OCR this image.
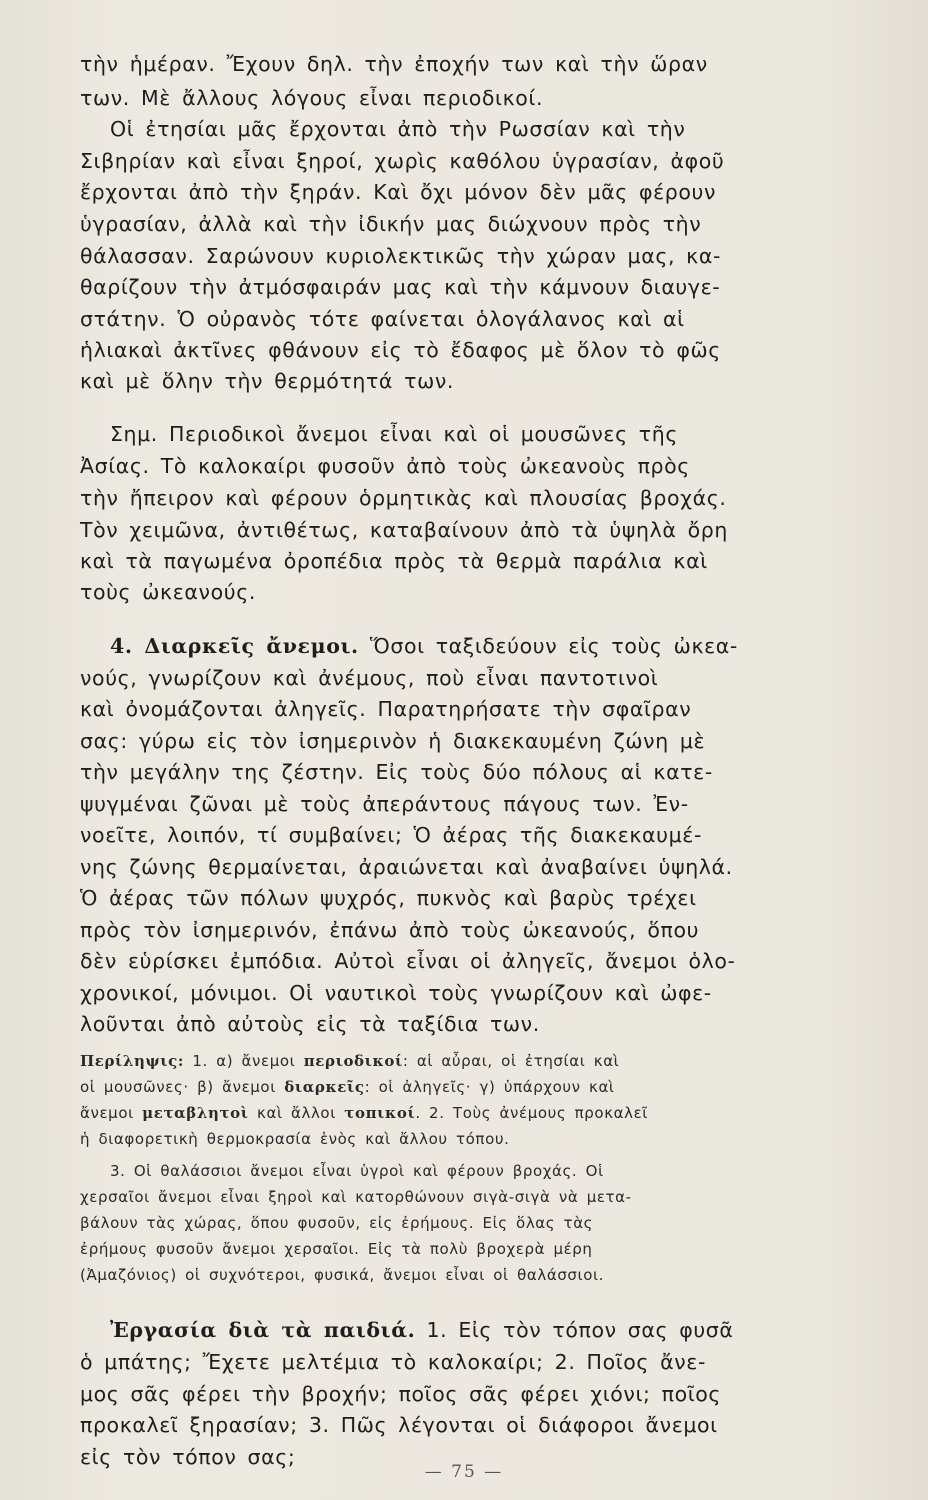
τὴν ἡμέραν. Ἔχουν δηλ. τὴν ἐποχήν των καὶ τὴν ὥραν
των. Μὲ ἄλλους λόγους εἶναι περιοδικοί.
Οἱ ἐτησίαι μᾶς ἔρχονται ἀπὸ τὴν Ρωσσίαν καὶ τὴν
Σιβηρίαν καὶ εἶναι ξηροί, χωρὶς καθόλου ὑγρασίαν, ἀφοῦ
ἔρχονται ἀπὸ τὴν ξηράν. Καὶ ὄχι μόνον δὲν μᾶς φέρουν
ὑγρασίαν, ἀλλὰ καὶ τὴν ἰδικήν μας διώχνουν πρὸς τὴν
θάλασσαν. Σαρώνουν κυριολεκτικῶς τὴν χώραν μας, κα-
θαρίζουν τὴν ἀτμόσφαιράν μας καὶ τὴν κάμνουν διαυγε-
στάτην. Ὁ οὐρανὸς τότε φαίνεται ὁλογάλανος καὶ αἱ
ἡλιακαὶ ἀκτῖνες φθάνουν εἰς τὸ ἔδαφος μὲ ὅλον τὸ φῶς
καὶ μὲ ὅλην τὴν θερμότητά των.
Σημ. Περιοδικοὶ ἄνεμοι εἶναι καὶ οἱ μουσῶνες τῆς
Ἀσίας. Τὸ καλοκαίρι φυσοῦν ἀπὸ τοὺς ὠκεανοὺς πρὸς
τὴν ἤπειρον καὶ φέρουν ὁρμητικὰς καὶ πλουσίας βροχάς.
Τὸν χειμῶνα, ἀντιθέτως, καταβαίνουν ἀπὸ τὰ ὑψηλὰ ὄρη
καὶ τὰ παγωμένα ὀροπέδια πρὸς τὰ θερμὰ παράλια καὶ
τοὺς ὠκεανούς.
4. Διαρκεῖς ἄνεμοι. Ὅσοι ταξιδεύουν εἰς τοὺς ὠκεα-
νούς, γνωρίζουν καὶ ἀνέμους, ποὺ εἶναι παντοτινοὶ
καὶ ὀνομάζονται ἀληγεῖς. Παρατηρήσατε τὴν σφαῖραν
σας: γύρω εἰς τὸν ἰσημερινὸν ἡ διακεκαυμένη ζώνη μὲ
τὴν μεγάλην της ζέστην. Εἰς τοὺς δύο πόλους αἱ κατε-
ψυγμέναι ζῶναι μὲ τοὺς ἀπεράντους πάγους των. Ἐν-
νοεῖτε, λοιπόν, τί συμβαίνει; Ὁ ἀέρας τῆς διακεκαυμέ-
νης ζώνης θερμαίνεται, ἀραιώνεται καὶ ἀναβαίνει ὑψηλά.
Ὁ ἀέρας τῶν πόλων ψυχρός, πυκνὸς καὶ βαρὺς τρέχει
πρὸς τὸν ἰσημερινόν, ἐπάνω ἀπὸ τοὺς ὠκεανούς, ὅπου
δὲν εὑρίσκει ἐμπόδια. Αὐτοὶ εἶναι οἱ ἀληγεῖς, ἄνεμοι ὁλο-
χρονικοί, μόνιμοι. Οἱ ναυτικοὶ τοὺς γνωρίζουν καὶ ὠφε-
λοῦνται ἀπὸ αὐτοὺς εἰς τὰ ταξίδια των.
Περίληψις: 1. α) ἄνεμοι περιοδικοί: αἱ αὖραι, οἱ ἐτησίαι καὶ
οἱ μουσῶνες· β) ἄνεμοι διαρκεῖς: οἱ ἀληγεῖς· γ) ὑπάρχουν καὶ
ἄνεμοι μεταβλητοὶ καὶ ἄλλοι τοπικοί. 2. Τοὺς ἀνέμους προκαλεῖ
ἡ διαφορετικὴ θερμοκρασία ἑνὸς καὶ ἄλλου τόπου.
3. Οἱ θαλάσσιοι ἄνεμοι εἶναι ὑγροὶ καὶ φέρουν βροχάς. Οἱ
χερσαῖοι ἄνεμοι εἶναι ξηροὶ καὶ κατορθώνουν σιγὰ-σιγὰ νὰ μετα-
βάλουν τὰς χώρας, ὅπου φυσοῦν, εἰς ἐρήμους. Εἰς ὅλας τὰς
ἐρήμους φυσοῦν ἄνεμοι χερσαῖοι. Εἰς τὰ πολὺ βροχερὰ μέρη
(Ἀμαζόνιος) οἱ συχνότεροι, φυσικά, ἄνεμοι εἶναι οἱ θαλάσσιοι.
Ἐργασία διὰ τὰ παιδιά. 1. Εἰς τὸν τόπον σας φυσᾶ
ὁ μπάτης; Ἔχετε μελτέμια τὸ καλοκαίρι; 2. Ποῖος ἄνε-
μος σᾶς φέρει τὴν βροχήν; ποῖος σᾶς φέρει χιόνι; ποῖος
προκαλεῖ ξηρασίαν; 3. Πῶς λέγονται οἱ διάφοροι ἄνεμοι
εἰς τὸν τόπον σας;
— 75 —
